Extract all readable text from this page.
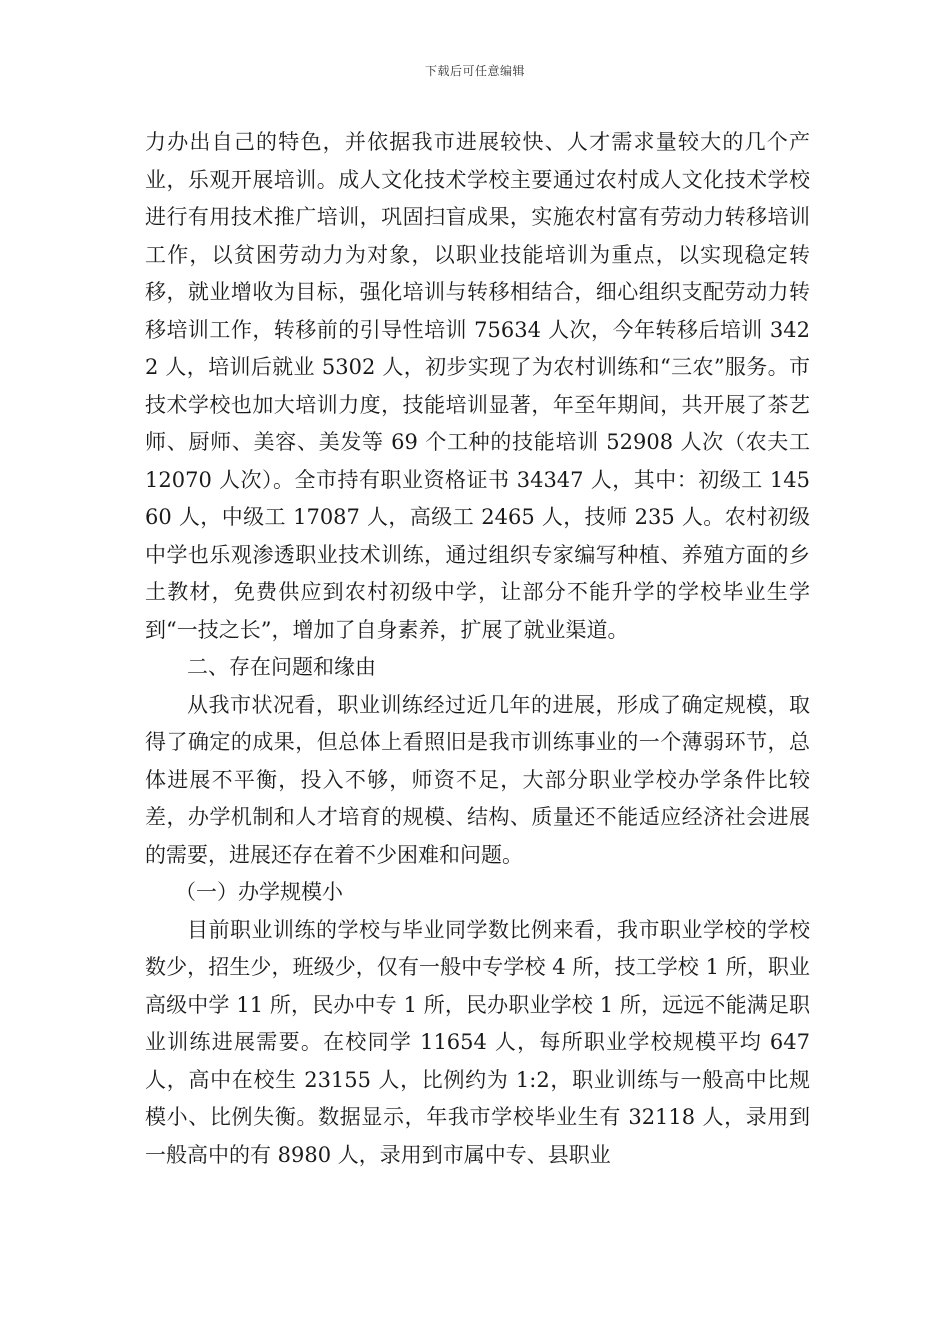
下载后可任意编辑

力办出自己的特色，并依据我市进展较快、人才需求量较大的几个产业，乐观开展培训。成人文化技术学校主要通过农村成人文化技术学校进行有用技术推广培训，巩固扫盲成果，实施农村富有劳动力转移培训工作，以贫困劳动力为对象，以职业技能培训为重点，以实现稳定转移，就业增收为目标，强化培训与转移相结合，细心组织支配劳动力转移培训工作，转移前的引导性培训 75634 人次，今年转移后培训 3422 人，培训后就业 5302 人，初步实现了为农村训练和“三农”服务。市技术学校也加大培训力度，技能培训显著，年至年期间，共开展了茶艺师、厨师、美容、美发等 69 个工种的技能培训 52908 人次（农夫工 12070 人次）。全市持有职业资格证书 34347 人，其中：初级工 14560 人，中级工 17087 人，高级工 2465 人，技师 235 人。农村初级中学也乐观渗透职业技术训练，通过组织专家编写种植、养殖方面的乡土教材，免费供应到农村初级中学，让部分不能升学的学校毕业生学到“一技之长”，增加了自身素养，扩展了就业渠道。

二、存在问题和缘由

从我市状况看，职业训练经过近几年的进展，形成了确定规模，取得了确定的成果，但总体上看照旧是我市训练事业的一个薄弱环节，总体进展不平衡，投入不够，师资不足，大部分职业学校办学条件比较差，办学机制和人才培育的规模、结构、质量还不能适应经济社会进展的需要，进展还存在着不少困难和问题。

（一）办学规模小

目前职业训练的学校与毕业同学数比例来看，我市职业学校的学校数少，招生少，班级少，仅有一般中专学校 4 所，技工学校 1 所，职业高级中学 11 所，民办中专 1 所，民办职业学校 1 所，远远不能满足职业训练进展需要。在校同学 11654 人，每所职业学校规模平均 647 人，高中在校生 23155 人，比例约为 1:2，职业训练与一般高中比规模小、比例失衡。数据显示，年我市学校毕业生有 32118 人，录用到一般高中的有 8980 人，录用到市属中专、县职业
